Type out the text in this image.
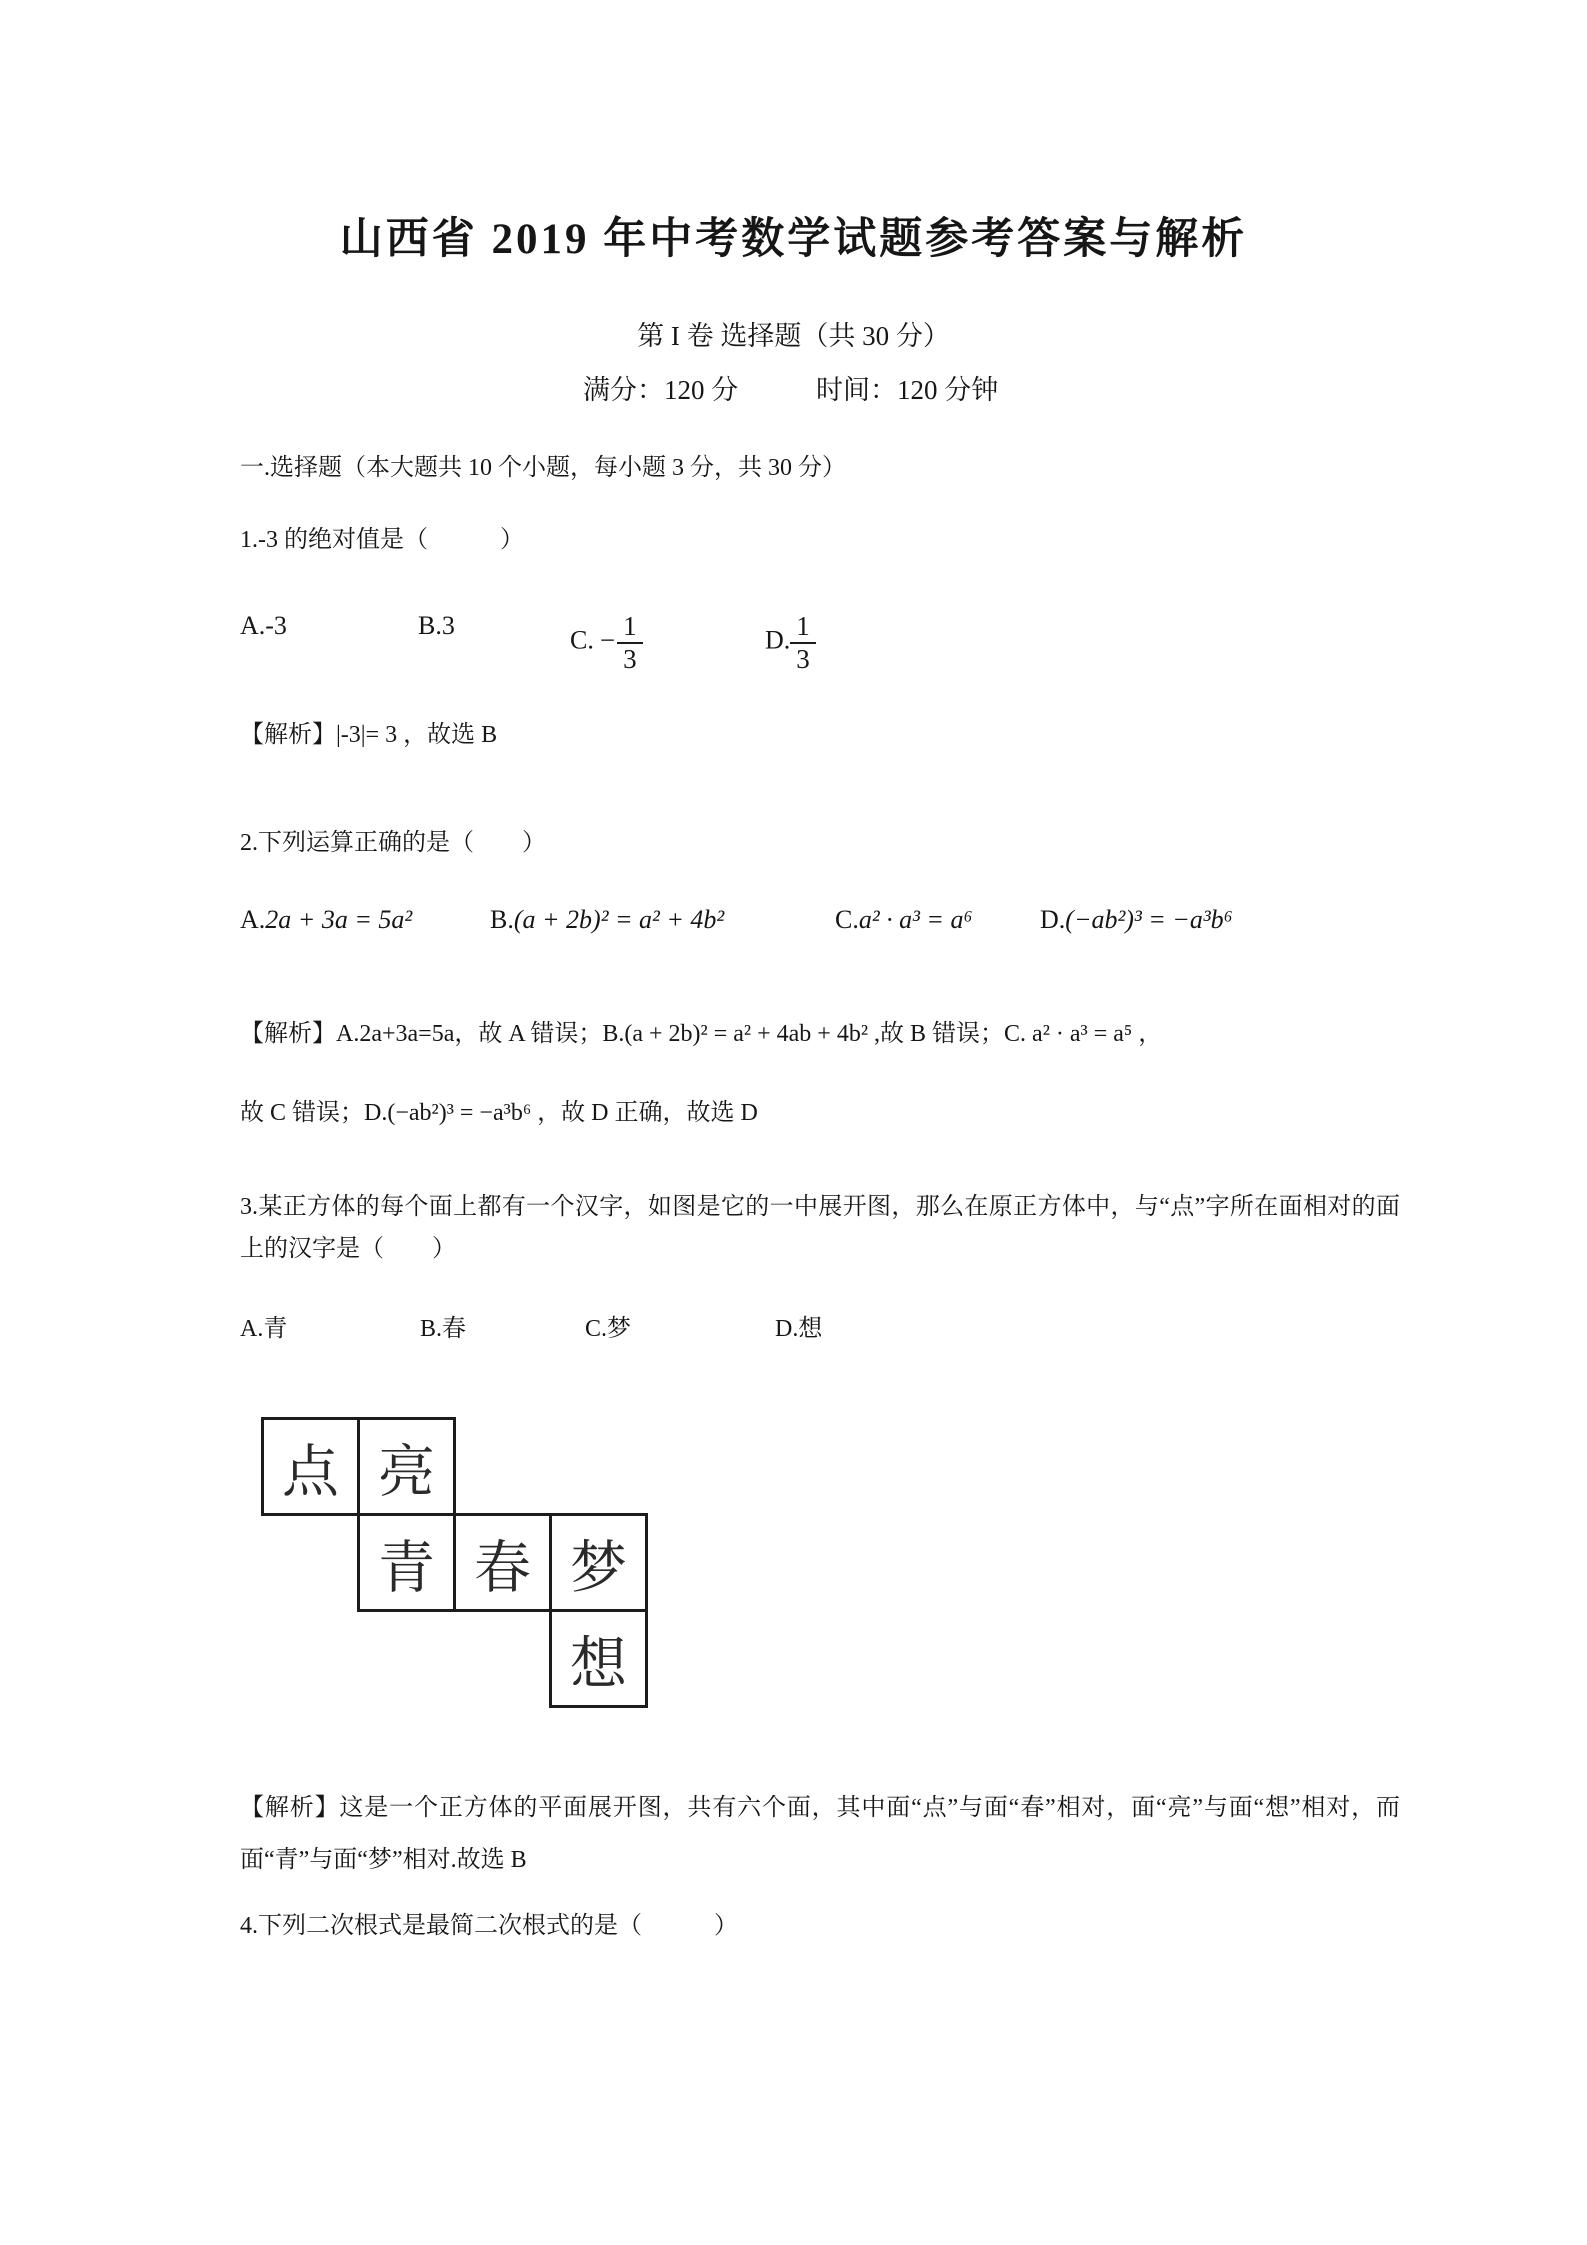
山西省 2019 年中考数学试题参考答案与解析
第 I 卷 选择题（共 30 分）
满分：120 分	时间：120 分钟
一.选择题（本大题共 10 个小题，每小题 3 分，共 30 分）
1.-3 的绝对值是（　　　）
A.-3	B.3
C. − $\frac{1}{3}$	D. $\frac{1}{3}$
【解析】|-3|= 3 ，故选 B
2.下列运算正确的是（　　）
A.2a + 3a = 5a²	B.(a + 2b)² = a² + 4b²	C.a² · a³ = a⁶	D.(−ab²)³ = −a³b⁶
【解析】A.2a+3a=5a，故 A 错误；B.(a + 2b)² = a² + 4ab + 4b² ,故 B 错误；C. a² · a³ = a⁵ ，
故 C 错误；D.(−ab²)³ = −a³b⁶ ，故 D 正确，故选 D
3.某正方体的每个面上都有一个汉字，如图是它的一中展开图，那么在原正方体中，与“点”字所在面相对的面上的汉字是（　　）
A.青	B.春	C.梦	D.想
点 亮
青 春 梦
想
【解析】这是一个正方体的平面展开图，共有六个面，其中面“点”与面“春”相对，面“亮”与面“想”相对，而面“青”与面“梦”相对.故选 B
4.下列二次根式是最简二次根式的是（　　　）
